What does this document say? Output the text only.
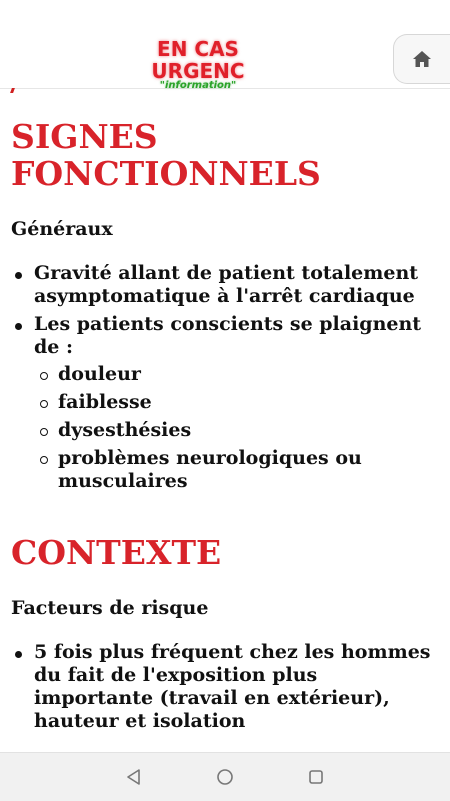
EN CAS URGENC
"information"
SIGNES
FONCTIONNELS
Généraux
Gravité allant de patient totalement asymptomatique à l'arrêt cardiaque
Les patients conscients se plaignent de :
douleur
faiblesse
dysesthésies
problèmes neurologiques ou musculaires
CONTEXTE
Facteurs de risque
5 fois plus fréquent chez les hommes du fait de l'exposition plus importante (travail en extérieur), hauteur et isolation
